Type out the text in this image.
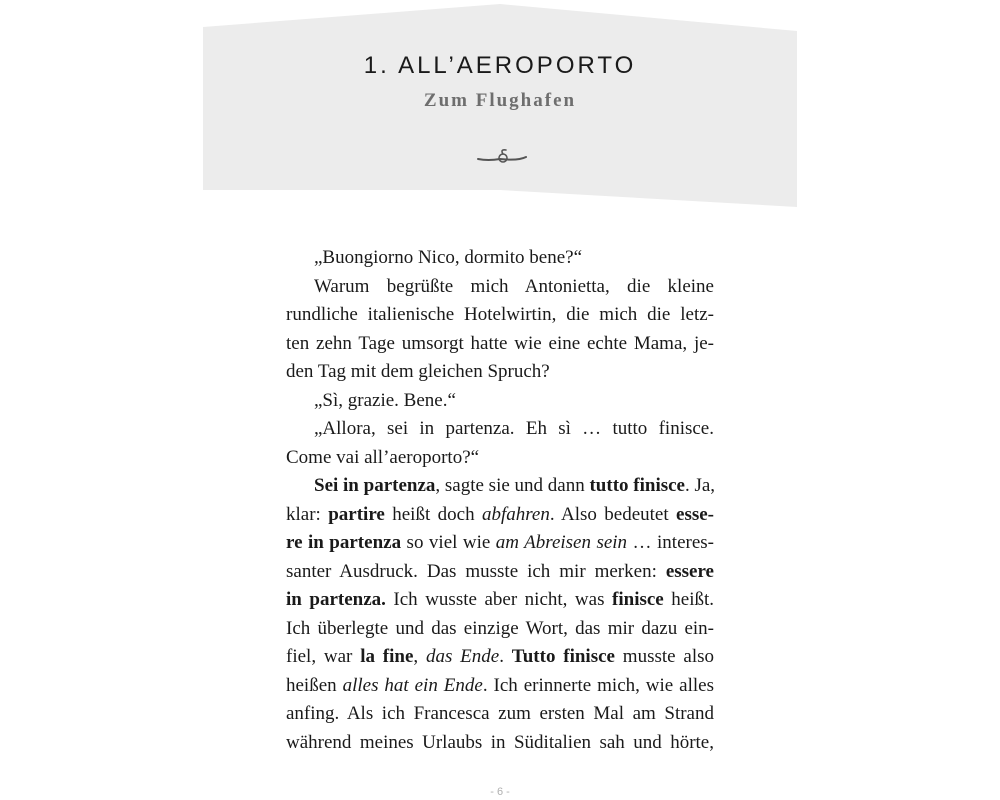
1. ALL’AEROPORTO
Zum Flughafen
„Buongiorno Nico, dormito bene?“
Warum begrüßte mich Antonietta, die kleine
rundliche italienische Hotelwirtin, die mich die letz-
ten zehn Tage umsorgt hatte wie eine echte Mama, je-
den Tag mit dem gleichen Spruch?
„Sì, grazie. Bene.“
„Allora, sei in partenza. Eh sì … tutto finisce.
Come vai all’aeroporto?“
Sei in partenza, sagte sie und dann tutto finisce. Ja,
klar: partire heißt doch abfahren. Also bedeutet esse-
re in partenza so viel wie am Abreisen sein … interes-
santer Ausdruck. Das musste ich mir merken: essere
in partenza. Ich wusste aber nicht, was finisce heißt.
Ich überlegte und das einzige Wort, das mir dazu ein-
fiel, war la fine, das Ende. Tutto finisce musste also
heißen alles hat ein Ende. Ich erinnerte mich, wie alles
anfing. Als ich Francesca zum ersten Mal am Strand
während meines Urlaubs in Süditalien sah und hörte,
- 6 -
